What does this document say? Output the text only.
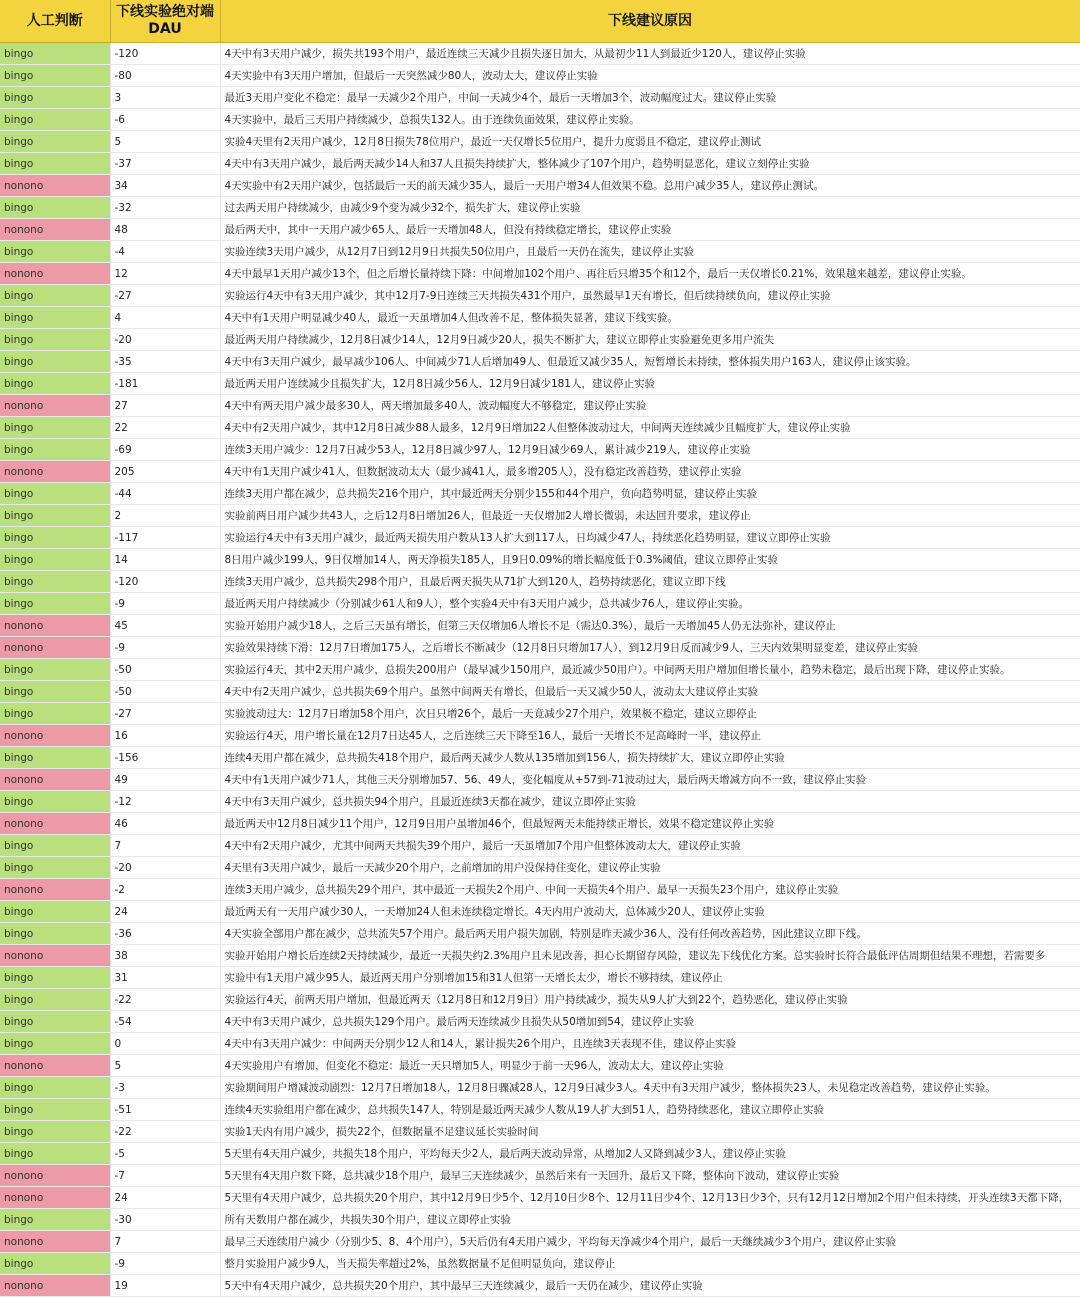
人工判断	下线实验绝对端DAU	下线建议原因
bingo	-120	4天中有3天用户减少，损失共193个用户，最近连续三天减少且损失逐日加大，从最初少11人到最近少120人，建议停止实验
bingo	-80	4天实验中有3天用户增加，但最后一天突然减少80人，波动太大，建议停止实验
bingo	3	最近3天用户变化不稳定：最早一天减少2个用户，中间一天减少4个，最后一天增加3个，波动幅度过大。建议停止实验
bingo	-6	4天实验中，最后三天用户持续减少，总损失132人。由于连续负面效果，建议停止实验。
bingo	5	实验4天里有2天用户减少，12月8日损失78位用户，最近一天仅增长5位用户，提升力度弱且不稳定，建议停止测试
bingo	-37	4天中有3天用户减少，最后两天减少14人和37人且损失持续扩大，整体减少了107个用户，趋势明显恶化，建议立刻停止实验
nonono	34	4天实验中有2天用户减少，包括最后一天的前天减少35人，最后一天用户增34人但效果不稳。总用户减少35人，建议停止测试。
bingo	-32	过去两天用户持续减少，由减少9个变为减少32个，损失扩大，建议停止实验
nonono	48	最后两天中，其中一天用户减少65人，最后一天增加48人，但没有持续稳定增长，建议停止实验
bingo	-4	实验连续3天用户减少，从12月7日到12月9日共损失50位用户，且最后一天仍在流失，建议停止实验
nonono	12	4天中最早1天用户减少13个，但之后增长量持续下降：中间增加102个用户、再往后只增35个和12个，最后一天仅增长0.21%，效果越来越差，建议停止实验。
bingo	-27	实验运行4天中有3天用户减少，其中12月7-9日连续三天共损失431个用户，虽然最早1天有增长，但后续持续负向，建议停止实验
bingo	4	4天中有1天用户明显减少40人，最近一天虽增加4人但改善不足，整体损失显著，建议下线实验。
bingo	-20	最近两天用户持续减少，12月8日减少14人，12月9日减少20人，损失不断扩大，建议立即停止实验避免更多用户流失
bingo	-35	4天中有3天用户减少，最早减少106人、中间减少71人后增加49人、但最近又减少35人，短暂增长未持续，整体损失用户163人，建议停止该实验。
bingo	-181	最近两天用户连续减少且损失扩大，12月8日减少56人、12月9日减少181人，建议停止实验
nonono	27	4天中有两天用户减少最多30人，两天增加最多40人，波动幅度大不够稳定，建议停止实验
bingo	22	4天中有2天用户减少，其中12月8日减少88人最多，12月9日增加22人但整体波动过大，中间两天连续减少且幅度扩大，建议停止实验
bingo	-69	连续3天用户减少：12月7日减少53人，12月8日减少97人，12月9日减少69人，累计减少219人，建议停止实验
nonono	205	4天中有1天用户减少41人，但数据波动太大（最少减41人，最多增205人），没有稳定改善趋势，建议停止实验
bingo	-44	连续3天用户都在减少，总共损失216个用户，其中最近两天分别少155和44个用户，负向趋势明显，建议停止实验
bingo	2	实验前两日用户减少共43人，之后12月8日增加26人，但最近一天仅增加2人增长微弱，未达回升要求，建议停止
bingo	-117	实验运行4天中有3天用户减少，最近两天损失用户数从13人扩大到117人，日均减少47人，持续恶化趋势明显，建议立即停止实验
bingo	14	8日用户减少199人，9日仅增加14人，两天净损失185人，且9日0.09%的增长幅度低于0.3%阈值，建议立即停止实验
bingo	-120	连续3天用户减少，总共损失298个用户，且最后两天损失从71扩大到120人，趋势持续恶化，建议立即下线
bingo	-9	最近两天用户持续减少（分别减少61人和9人），整个实验4天中有3天用户减少，总共减少76人，建议停止实验。
nonono	45	实验开始用户减少18人，之后三天虽有增长，但第三天仅增加6人增长不足（需达0.3%），最后一天增加45人仍无法弥补，建议停止
nonono	-9	实验效果持续下滑：12月7日增加175人，之后增长不断减少（12月8日只增加17人），到12月9日反而减少9人，三天内效果明显变差，建议停止实验
bingo	-50	实验运行4天，其中2天用户减少，总损失200用户（最早减少150用户，最近减少50用户）。中间两天用户增加但增长量小，趋势未稳定，最后出现下降，建议停止实验。
bingo	-50	4天中有2天用户减少，总共损失69个用户。虽然中间两天有增长，但最后一天又减少50人，波动太大建议停止实验
bingo	-27	实验波动过大：12月7日增加58个用户，次日只增26个，最后一天竟减少27个用户，效果极不稳定，建议立即停止
nonono	16	实验运行4天，用户增长量在12月7日达45人，之后连续三天下降至16人，最后一天增长不足高峰时一半，建议停止
bingo	-156	连续4天用户都在减少，总共损失418个用户，最后两天减少人数从135增加到156人，损失持续扩大，建议立即停止实验
nonono	49	4天中有1天用户减少71人，其他三天分别增加57、56、49人，变化幅度从+57到-71波动过大，最后两天增减方向不一致，建议停止实验
bingo	-12	4天中有3天用户减少，总共损失94个用户，且最近连续3天都在减少，建议立即停止实验
nonono	46	最近两天中12月8日减少11个用户，12月9日用户虽增加46个，但最短两天未能持续正增长，效果不稳定建议停止实验
bingo	7	4天中有2天用户减少，尤其中间两天共损失39个用户，最后一天虽增加7个用户但整体波动太大，建议停止实验
bingo	-20	4天里有3天用户减少，最后一天减少20个用户，之前增加的用户没保持住变化，建议停止实验
nonono	-2	连续3天用户减少，总共损失29个用户，其中最近一天损失2个用户、中间一天损失4个用户、最早一天损失23个用户，建议停止实验
bingo	24	最近两天有一天用户减少30人，一天增加24人但未连续稳定增长。4天内用户波动大，总体减少20人，建议停止实验
bingo	-36	4天实验全部用户都在减少，总共流失57个用户。最后两天用户损失加剧，特别是昨天减少36人，没有任何改善趋势，因此建议立即下线。
nonono	38	实验开始用户增长后连续2天持续减少，最近一天损失约2.3%用户且未见改善，担心长期留存风险，建议先下线优化方案。总实验时长符合最低评估周期但结果不理想，若需要多
bingo	31	实验中有1天用户减少95人，最近两天用户分别增加15和31人但第一天增长太少，增长不够持续，建议停止
bingo	-22	实验运行4天，前两天用户增加，但最近两天（12月8日和12月9日）用户持续减少，损失从9人扩大到22个，趋势恶化，建议停止实验
bingo	-54	4天中有3天用户减少，总共损失129个用户。最后两天连续减少且损失从50增加到54，建议停止实验
bingo	0	4天中有3天用户减少：中间两天分别少12人和14人，累计损失26个用户，且连续3天表现不佳，建议停止实验
nonono	5	4天实验用户有增加，但变化不稳定：最近一天只增加5人，明显少于前一天96人，波动太大，建议停止实验
bingo	-3	实验期间用户增减波动剧烈：12月7日增加18人，12月8日骤减28人，12月9日减少3人。4天中有3天用户减少，整体损失23人，未见稳定改善趋势，建议停止实验。
bingo	-51	连续4天实验组用户都在减少，总共损失147人，特别是最近两天减少人数从19人扩大到51人，趋势持续恶化，建议立即停止实验
bingo	-22	实验1天内有用户减少，损失22个，但数据量不足建议延长实验时间
bingo	-5	5天里有4天用户减少，共损失18个用户，平均每天少2人，最后两天波动异常，从增加2人又降到减少3人，建议停止实验
nonono	-7	5天里有4天用户数下降，总共减少18个用户，最早三天连续减少，虽然后来有一天回升，最后又下降，整体向下波动，建议停止实验
nonono	24	5天里有4天用户减少，总共损失20个用户，其中12月9日少5个、12月10日少8个、12月11日少4个、12月13日少3个，只有12月12日增加2个用户但未持续，开头连续3天都下降，
bingo	-30	所有天数用户都在减少，共损失30个用户，建议立即停止实验
nonono	7	最早三天连续用户减少（分别少5、8、4个用户），5天后仍有4天用户减少，平均每天净减少4个用户，最后一天继续减少3个用户，建议停止实验
bingo	-9	整月实验用户减少9人，当天损失率超过2%，虽然数据量不足但明显负向，建议停止
nonono	19	5天中有4天用户减少，总共损失20个用户，其中最早三天连续减少，最后一天仍在减少，建议停止实验
